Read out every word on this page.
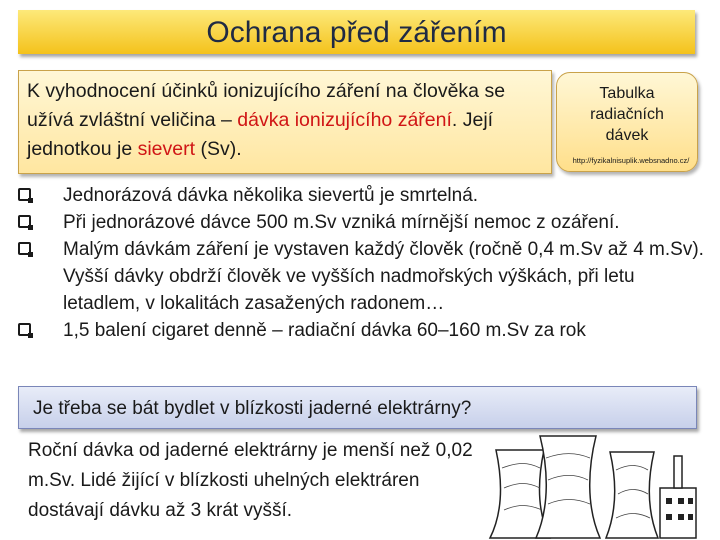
Ochrana před zářením
K vyhodnocení účinků ionizujícího záření na člověka se užívá zvláštní veličina – dávka ionizujícího záření. Její jednotkou je sievert (Sv).
Tabulka radiačních dávek
http://fyzikalnisuplik.websnadno.cz/
Jednorázová dávka několika sievertů je smrtelná.
Při jednorázové dávce 500 m.Sv vzniká mírnější nemoc z ozáření.
Malým dávkám záření je vystaven každý člověk (ročně 0,4 m.Sv až 4 m.Sv). Vyšší dávky obdrží člověk ve vyšších nadmořských výškách, při letu letadlem, v lokalitách zasažených radonem…
1,5 balení cigaret denně – radiační dávka 60–160 m.Sv za rok
Je třeba se bát bydlet v blízkosti jaderné elektrárny?
Roční dávka od jaderné elektrárny je menší než 0,02 m.Sv. Lidé žijící v blízkosti uhelných elektráren dostávají dávku až 3 krát vyšší.
